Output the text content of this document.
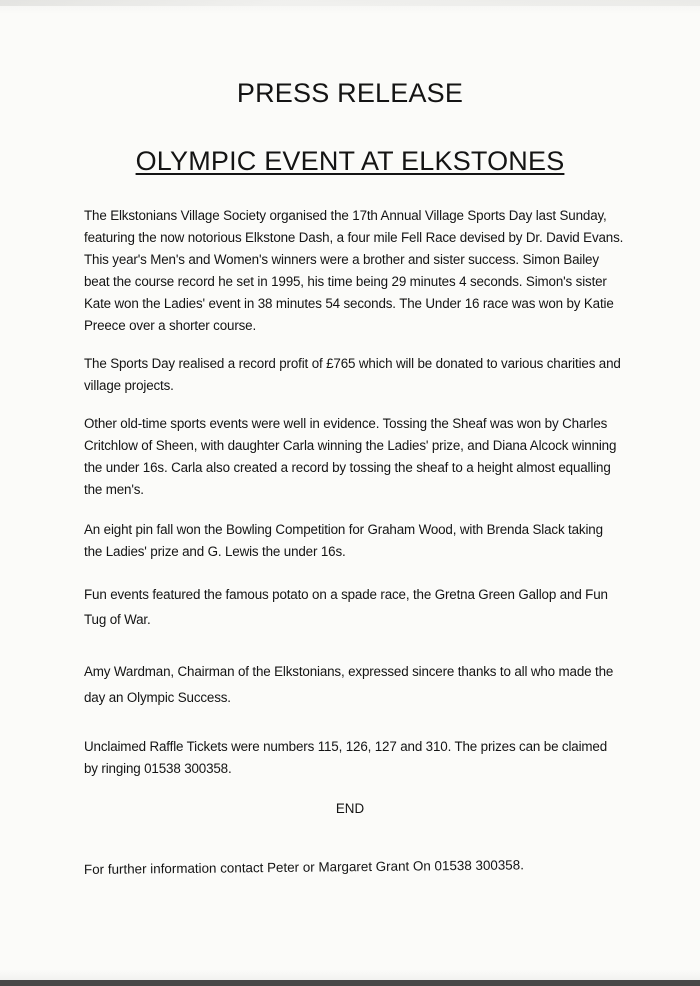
PRESS RELEASE
OLYMPIC EVENT AT ELKSTONES

The Elkstonians Village Society organised the 17th Annual Village Sports Day last Sunday, featuring the now notorious Elkstone Dash, a four mile Fell Race devised by Dr. David Evans. This year's Men's and Women's winners were a brother and sister success. Simon Bailey beat the course record he set in 1995, his time being 29 minutes 4 seconds. Simon's sister Kate won the Ladies' event in 38 minutes 54 seconds. The Under 16 race was won by Katie Preece over a shorter course.

The Sports Day realised a record profit of £765 which will be donated to various charities and village projects.

Other old-time sports events were well in evidence. Tossing the Sheaf was won by Charles Critchlow of Sheen, with daughter Carla winning the Ladies' prize, and Diana Alcock winning the under 16s. Carla also created a record by tossing the sheaf to a height almost equalling the men's.

An eight pin fall won the Bowling Competition for Graham Wood, with Brenda Slack taking the Ladies' prize and G. Lewis the under 16s.

Fun events featured the famous potato on a spade race, the Gretna Green Gallop and Fun Tug of War.

Amy Wardman, Chairman of the Elkstonians, expressed sincere thanks to all who made the day an Olympic Success.

Unclaimed Raffle Tickets were numbers 115, 126, 127 and 310. The prizes can be claimed by ringing 01538 300358.

END

For further information contact Peter or Margaret Grant On 01538 300358.
